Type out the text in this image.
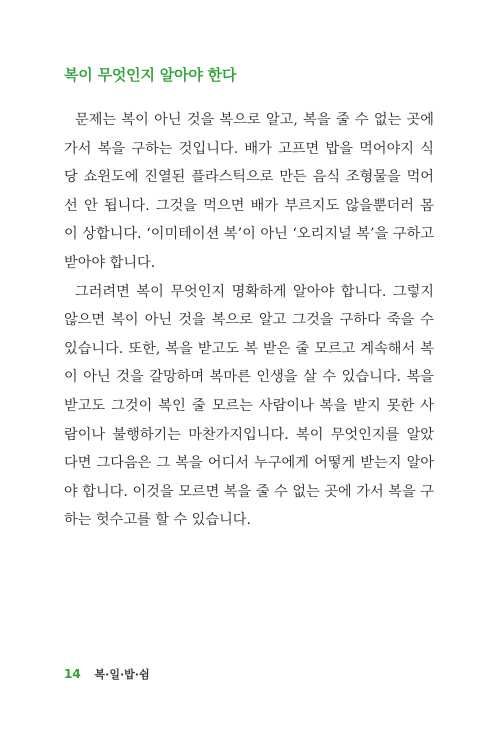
복이 무엇인지 알아야 한다
문제는 복이 아닌 것을 복으로 알고, 복을 줄 수 없는 곳에
가서 복을 구하는 것입니다. 배가 고프면 밥을 먹어야지 식
당 쇼윈도에 진열된 플라스틱으로 만든 음식 조형물을 먹어
선 안 됩니다. 그것을 먹으면 배가 부르지도 않을뿐더러 몸
이 상합니다. ‘이미테이션 복’이 아닌 ‘오리지널 복’을 구하고
받아야 합니다.
그러려면 복이 무엇인지 명확하게 알아야 합니다. 그렇지
않으면 복이 아닌 것을 복으로 알고 그것을 구하다 죽을 수
있습니다. 또한, 복을 받고도 복 받은 줄 모르고 계속해서 복
이 아닌 것을 갈망하며 복마른 인생을 살 수 있습니다. 복을
받고도 그것이 복인 줄 모르는 사람이나 복을 받지 못한 사
람이나 불행하기는 마찬가지입니다. 복이 무엇인지를 알았
다면 그다음은 그 복을 어디서 누구에게 어떻게 받는지 알아
야 합니다. 이것을 모르면 복을 줄 수 없는 곳에 가서 복을 구
하는 헛수고를 할 수 있습니다.
14 복·일·밥·쉼
